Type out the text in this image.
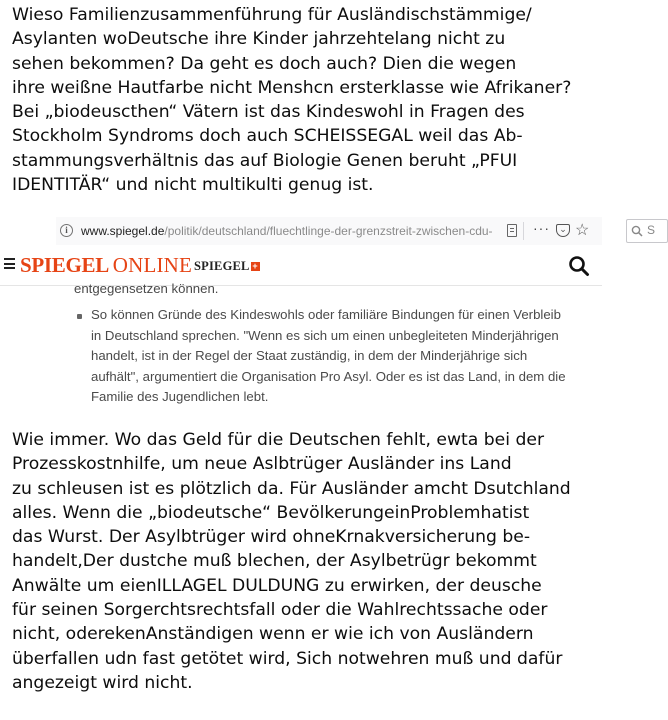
Wieso Familienzusammenführung für Ausländischstämmige/
Asylanten woDeutsche ihre Kinder jahrzehtelang nicht zu
sehen bekommen? Da geht es doch auch? Dien die wegen
ihre weißne Hautfarbe nicht Menshcn ersterklasse wie Afrikaner?
Bei „biodeuscthen“ Vätern ist das Kindeswohl in Fragen des
Stockholm Syndroms doch auch SCHEISSEGAL weil das Ab-
stammungsverhältnis das auf Biologie Genen beruht „PFUI
IDENTITÄR“ und nicht multikulti genug ist.
i	www.spiegel.de/politik/deutschland/fluechtlinge-der-grenzstreit-zwischen-cdu-	···	⌄ ☆	S
SPIEGEL ONLINE SPIEGEL +
entgegensetzen können.
So können Gründe des Kindeswohls oder familiäre Bindungen für einen Verbleib
in Deutschland sprechen. "Wenn es sich um einen unbegleiteten Minderjährigen
handelt, ist in der Regel der Staat zuständig, in dem der Minderjährige sich
aufhält", argumentiert die Organisation Pro Asyl. Oder es ist das Land, in dem die
Familie des Jugendlichen lebt.
Wie immer. Wo das Geld für die Deutschen fehlt, ewta bei der
Prozesskostnhilfe, um neue Aslbtrüger Ausländer ins Land
zu schleusen ist es plötzlich da. Für Ausländer amcht Dsutchland
alles. Wenn die „biodeutsche“ BevölkerungeinProblemhatist
das Wurst. Der Asylbtrüger wird ohneKrnakversicherung be-
handelt,Der dustche muß blechen, der Asylbetrügr bekommt
Anwälte um eienILLAGEL DULDUNG zu erwirken, der deusche
für seinen Sorgerchtsrechtsfall oder die Wahlrechtssache oder
nicht, oderekenAnständigen wenn er wie ich von Ausländern
überfallen udn fast getötet wird, Sich notwehren muß und dafür
angezeigt wird nicht.
